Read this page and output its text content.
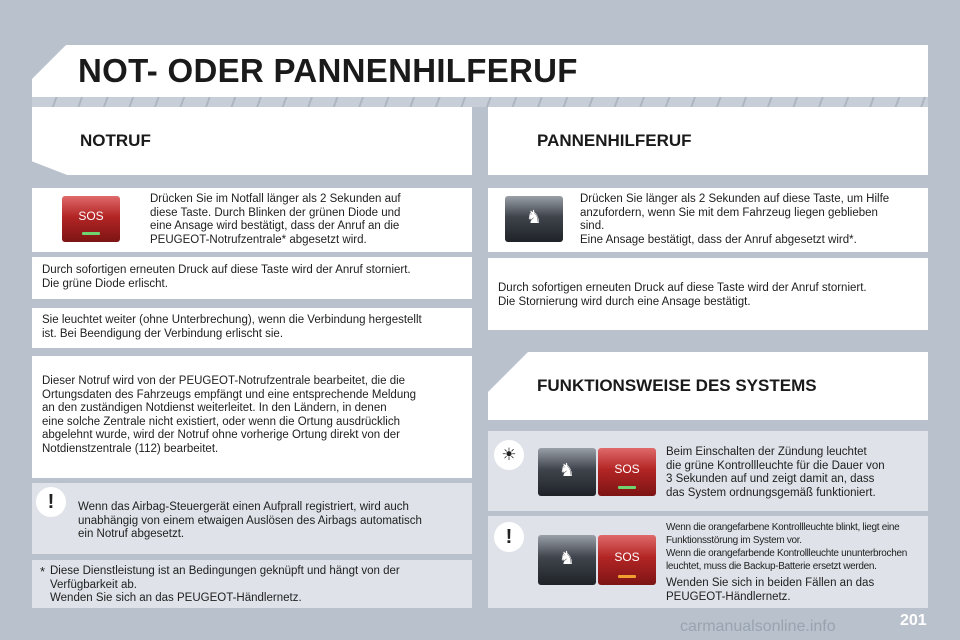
NOT- ODER PANNENHILFERUF
NOTRUF	PANNENHILFERUF
SOS
Drücken Sie im Notfall länger als 2 Sekunden auf
diese Taste. Durch Blinken der grünen Diode und
eine Ansage wird bestätigt, dass der Anruf an die
PEUGEOT-Notrufzentrale* abgesetzt wird.
Durch sofortigen erneuten Druck auf diese Taste wird der Anruf storniert.
Die grüne Diode erlischt.
Sie leuchtet weiter (ohne Unterbrechung), wenn die Verbindung hergestellt
ist. Bei Beendigung der Verbindung erlischt sie.
Dieser Notruf wird von der PEUGEOT-Notrufzentrale bearbeitet, die die
Ortungsdaten des Fahrzeugs empfängt und eine entsprechende Meldung
an den zuständigen Notdienst weiterleitet. In den Ländern, in denen
eine solche Zentrale nicht existiert, oder wenn die Ortung ausdrücklich
abgelehnt wurde, wird der Notruf ohne vorherige Ortung direkt von der
Notdienstzentrale (112) bearbeitet.
!	Wenn das Airbag-Steuergerät einen Aufprall registriert, wird auch
unabhängig von einem etwaigen Auslösen des Airbags automatisch
ein Notruf abgesetzt.
* Diese Dienstleistung ist an Bedingungen geknüpft und hängt von der
Verfügbarkeit ab.
Wenden Sie sich an das PEUGEOT-Händlernetz.
♞
Drücken Sie länger als 2 Sekunden auf diese Taste, um Hilfe
anzufordern, wenn Sie mit dem Fahrzeug liegen geblieben
sind.
Eine Ansage bestätigt, dass der Anruf abgesetzt wird*.
Durch sofortigen erneuten Druck auf diese Taste wird der Anruf storniert.
Die Stornierung wird durch eine Ansage bestätigt.
FUNKTIONSWEISE DES SYSTEMS
☀
♞	SOS
Beim Einschalten der Zündung leuchtet
die grüne Kontrollleuchte für die Dauer von
3 Sekunden auf und zeigt damit an, dass
das System ordnungsgemäß funktioniert.
!
♞	SOS
Wenn die orangefarbene Kontrollleuchte blinkt, liegt eine
Funktionsstörung im System vor.
Wenn die orangefarbende Kontrollleuchte ununterbrochen
leuchtet, muss die Backup-Batterie ersetzt werden.
Wenden Sie sich in beiden Fällen an das
PEUGEOT-Händlernetz.
201
carmanualsonline.info
